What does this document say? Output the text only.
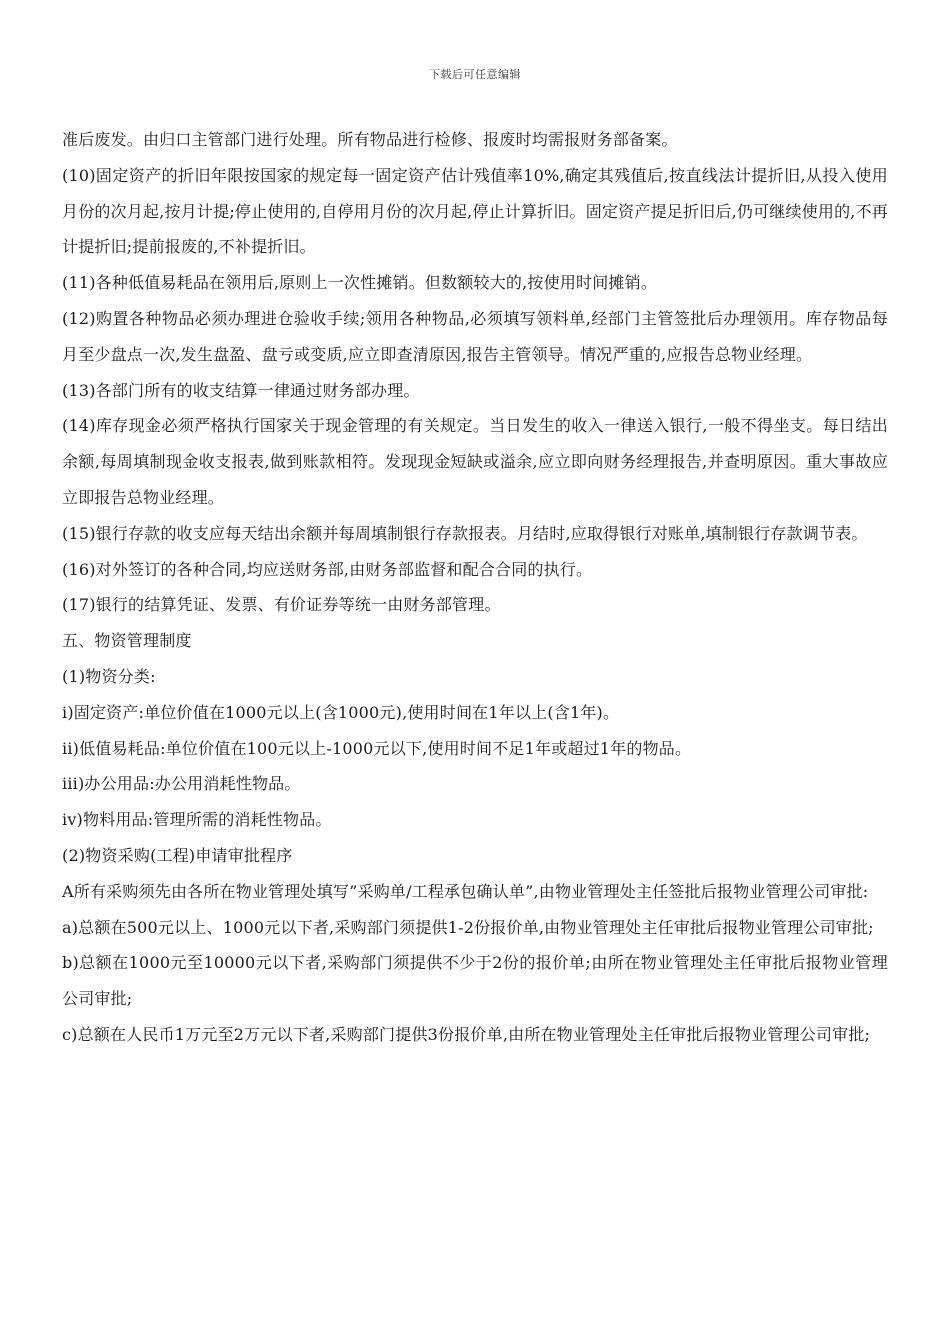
下载后可任意编辑

准后废发。由归口主管部门进行处理。所有物品进行检修、报废时均需报财务部备案。

(10)固定资产的折旧年限按国家的规定每一固定资产估计残值率10%,确定其残值后,按直线法计提折旧,从投入使用月份的次月起,按月计提;停止使用的,自停用月份的次月起,停止计算折旧。固定资产提足折旧后,仍可继续使用的,不再计提折旧;提前报废的,不补提折旧。

(11)各种低值易耗品在领用后,原则上一次性摊销。但数额较大的,按使用时间摊销。

(12)购置各种物品必须办理进仓验收手续;领用各种物品,必须填写领料单,经部门主管签批后办理领用。库存物品每月至少盘点一次,发生盘盈、盘亏或变质,应立即查清原因,报告主管领导。情况严重的,应报告总物业经理。

(13)各部门所有的收支结算一律通过财务部办理。

(14)库存现金必须严格执行国家关于现金管理的有关规定。当日发生的收入一律送入银行,一般不得坐支。每日结出余额,每周填制现金收支报表,做到账款相符。发现现金短缺或溢余,应立即向财务经理报告,并查明原因。重大事故应立即报告总物业经理。

(15)银行存款的收支应每天结出余额并每周填制银行存款报表。月结时,应取得银行对账单,填制银行存款调节表。

(16)对外签订的各种合同,均应送财务部,由财务部监督和配合合同的执行。

(17)银行的结算凭证、发票、有价证券等统一由财务部管理。

五、物资管理制度

(1)物资分类:

i)固定资产:单位价值在1000元以上(含1000元),使用时间在1年以上(含1年)。

ii)低值易耗品:单位价值在100元以上-1000元以下,使用时间不足1年或超过1年的物品。

iii)办公用品:办公用消耗性物品。

iv)物料用品:管理所需的消耗性物品。

(2)物资采购(工程)申请审批程序

A所有采购须先由各所在物业管理处填写”采购单/工程承包确认单”,由物业管理处主任签批后报物业管理公司审批:

a)总额在500元以上、1000元以下者,采购部门须提供1-2份报价单,由物业管理处主任审批后报物业管理公司审批;

b)总额在1000元至10000元以下者,采购部门须提供不少于2份的报价单;由所在物业管理处主任审批后报物业管理公司审批;

c)总额在人民币1万元至2万元以下者,采购部门提供3份报价单,由所在物业管理处主任审批后报物业管理公司审批;
